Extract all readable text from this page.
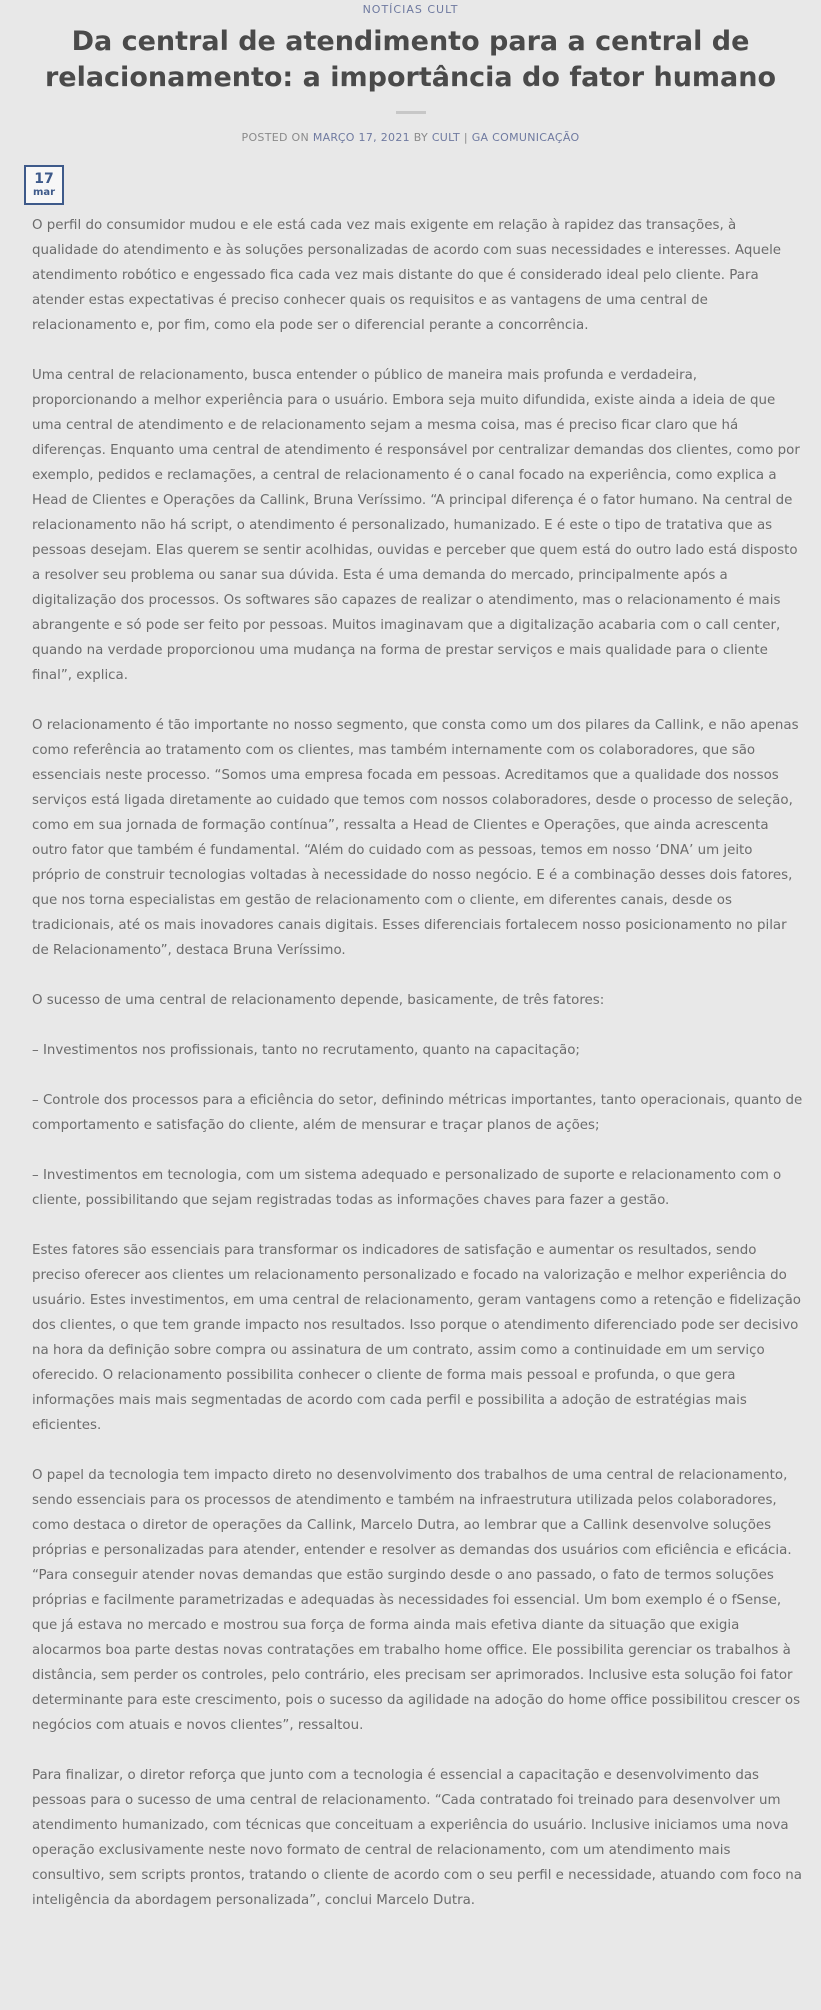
NOTÍCIAS CULT
Da central de atendimento para a central de relacionamento: a importância do fator humano
POSTED ON MARÇO 17, 2021 BY CULT | GA COMUNICAÇÃO
17
mar

O perfil do consumidor mudou e ele está cada vez mais exigente em relação à rapidez das transações, à qualidade do atendimento e às soluções personalizadas de acordo com suas necessidades e interesses. Aquele atendimento robótico e engessado fica cada vez mais distante do que é considerado ideal pelo cliente. Para atender estas expectativas é preciso conhecer quais os requisitos e as vantagens de uma central de relacionamento e, por fim, como ela pode ser o diferencial perante a concorrência.

Uma central de relacionamento, busca entender o público de maneira mais profunda e verdadeira, proporcionando a melhor experiência para o usuário. Embora seja muito difundida, existe ainda a ideia de que uma central de atendimento e de relacionamento sejam a mesma coisa, mas é preciso ficar claro que há diferenças. Enquanto uma central de atendimento é responsável por centralizar demandas dos clientes, como por exemplo, pedidos e reclamações, a central de relacionamento é o canal focado na experiência, como explica a Head de Clientes e Operações da Callink, Bruna Veríssimo. “A principal diferença é o fator humano. Na central de relacionamento não há script, o atendimento é personalizado, humanizado. E é este o tipo de tratativa que as pessoas desejam. Elas querem se sentir acolhidas, ouvidas e perceber que quem está do outro lado está disposto a resolver seu problema ou sanar sua dúvida. Esta é uma demanda do mercado, principalmente após a digitalização dos processos. Os softwares são capazes de realizar o atendimento, mas o relacionamento é mais abrangente e só pode ser feito por pessoas. Muitos imaginavam que a digitalização acabaria com o call center, quando na verdade proporcionou uma mudança na forma de prestar serviços e mais qualidade para o cliente final”, explica.

O relacionamento é tão importante no nosso segmento, que consta como um dos pilares da Callink, e não apenas como referência ao tratamento com os clientes, mas também internamente com os colaboradores, que são essenciais neste processo. “Somos uma empresa focada em pessoas. Acreditamos que a qualidade dos nossos serviços está ligada diretamente ao cuidado que temos com nossos colaboradores, desde o processo de seleção, como em sua jornada de formação contínua”, ressalta a Head de Clientes e Operações, que ainda acrescenta outro fator que também é fundamental. “Além do cuidado com as pessoas, temos em nosso ‘DNA’ um jeito próprio de construir tecnologias voltadas à necessidade do nosso negócio. E é a combinação desses dois fatores, que nos torna especialistas em gestão de relacionamento com o cliente, em diferentes canais, desde os tradicionais, até os mais inovadores canais digitais. Esses diferenciais fortalecem nosso posicionamento no pilar de Relacionamento”, destaca Bruna Veríssimo.

O sucesso de uma central de relacionamento depende, basicamente, de três fatores:

– Investimentos nos profissionais, tanto no recrutamento, quanto na capacitação;

– Controle dos processos para a eficiência do setor, definindo métricas importantes, tanto operacionais, quanto de comportamento e satisfação do cliente, além de mensurar e traçar planos de ações;

– Investimentos em tecnologia, com um sistema adequado e personalizado de suporte e relacionamento com o cliente, possibilitando que sejam registradas todas as informações chaves para fazer a gestão.

Estes fatores são essenciais para transformar os indicadores de satisfação e aumentar os resultados, sendo preciso oferecer aos clientes um relacionamento personalizado e focado na valorização e melhor experiência do usuário. Estes investimentos, em uma central de relacionamento, geram vantagens como a retenção e fidelização dos clientes, o que tem grande impacto nos resultados. Isso porque o atendimento diferenciado pode ser decisivo na hora da definição sobre compra ou assinatura de um contrato, assim como a continuidade em um serviço oferecido. O relacionamento possibilita conhecer o cliente de forma mais pessoal e profunda, o que gera informações mais mais segmentadas de acordo com cada perfil e possibilita a adoção de estratégias mais eficientes.

O papel da tecnologia tem impacto direto no desenvolvimento dos trabalhos de uma central de relacionamento, sendo essenciais para os processos de atendimento e também na infraestrutura utilizada pelos colaboradores, como destaca o diretor de operações da Callink, Marcelo Dutra, ao lembrar que a Callink desenvolve soluções próprias e personalizadas para atender, entender e resolver as demandas dos usuários com eficiência e eficácia. “Para conseguir atender novas demandas que estão surgindo desde o ano passado, o fato de termos soluções próprias e facilmente parametrizadas e adequadas às necessidades foi essencial. Um bom exemplo é o fSense, que já estava no mercado e mostrou sua força de forma ainda mais efetiva diante da situação que exigia alocarmos boa parte destas novas contratações em trabalho home office. Ele possibilita gerenciar os trabalhos à distância, sem perder os controles, pelo contrário, eles precisam ser aprimorados. Inclusive esta solução foi fator determinante para este crescimento, pois o sucesso da agilidade na adoção do home office possibilitou crescer os negócios com atuais e novos clientes”, ressaltou.

Para finalizar, o diretor reforça que junto com a tecnologia é essencial a capacitação e desenvolvimento das pessoas para o sucesso de uma central de relacionamento. “Cada contratado foi treinado para desenvolver um atendimento humanizado, com técnicas que conceituam a experiência do usuário. Inclusive iniciamos uma nova operação exclusivamente neste novo formato de central de relacionamento, com um atendimento mais consultivo, sem scripts prontos, tratando o cliente de acordo com o seu perfil e necessidade, atuando com foco na inteligência da abordagem personalizada”, conclui Marcelo Dutra.
